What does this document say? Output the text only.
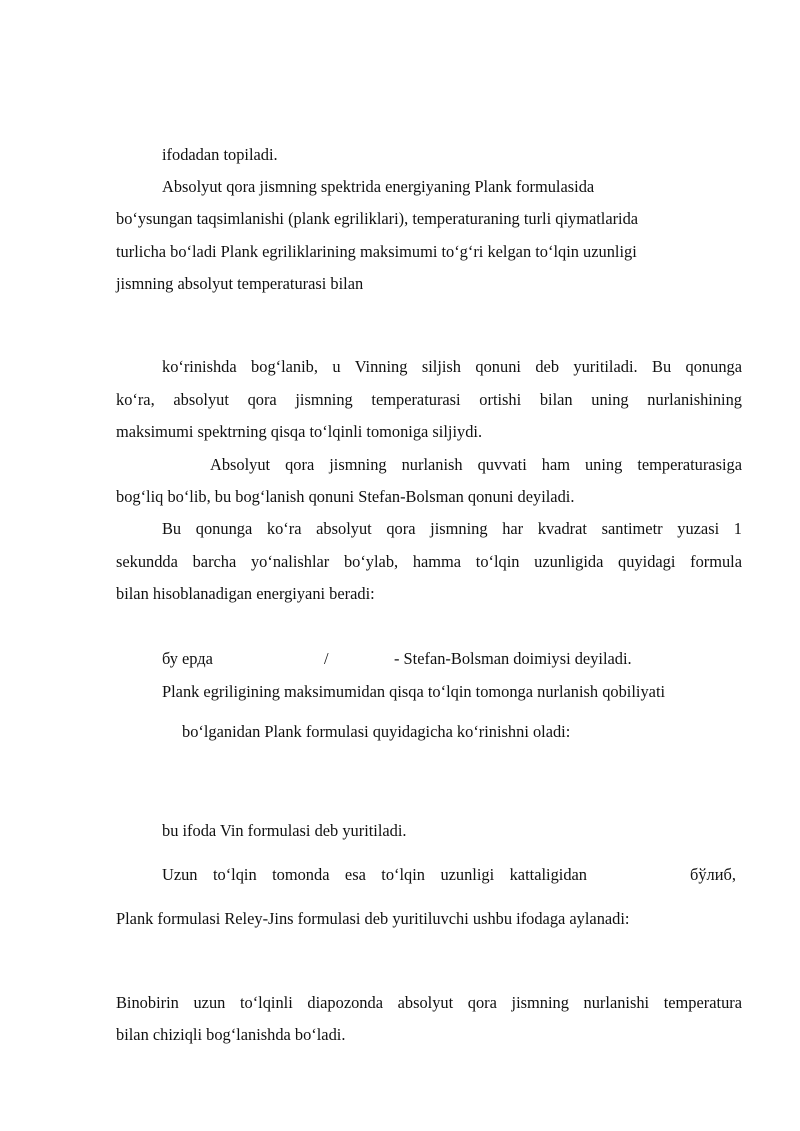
ifodadan topiladi.
Absolyut qora jismning spektrida energiyaning Plank formulasida
bo‘ysungan taqsimlanishi (plank egriliklari), temperaturaning turli qiymatlarida
turlicha bo‘ladi Plank egriliklarining maksimumi to‘g‘ri kelgan to‘lqin uzunligi
jismning absolyut temperaturasi bilan
ko‘rinishda bog‘lanib, u Vinning siljish qonuni deb yuritiladi. Bu qonunga
ko‘ra, absolyut qora jismning temperaturasi ortishi bilan uning nurlanishining
maksimumi spektrning qisqa to‘lqinli tomoniga siljiydi.
Absolyut qora jismning nurlanish quvvati ham uning temperaturasiga
bog‘liq bo‘lib, bu bog‘lanish qonuni Stefan-Bolsman qonuni deyiladi.
Bu qonunga ko‘ra absolyut qora jismning har kvadrat santimetr yuzasi 1
sekundda barcha yo‘nalishlar bo‘ylab, hamma to‘lqin uzunligida quyidagi formula
bilan hisoblanadigan energiyani beradi:
бу ерда	/	- Stefan-Bolsman doimiysi deyiladi.
Plank egriligining maksimumidan qisqa to‘lqin tomonga nurlanish qobiliyati
bo‘lganidan Plank formulasi quyidagicha ko‘rinishni oladi:
bu ifoda Vin formulasi deb yuritiladi.
Uzun to‘lqin tomonda esa to‘lqin uzunligi kattaligidan	бўлиб,
Plank formulasi Reley-Jins formulasi deb yuritiluvchi ushbu ifodaga aylanadi:
Binobirin uzun to‘lqinli diapozonda absolyut qora jismning nurlanishi temperatura
bilan chiziqli bog‘lanishda bo‘ladi.
